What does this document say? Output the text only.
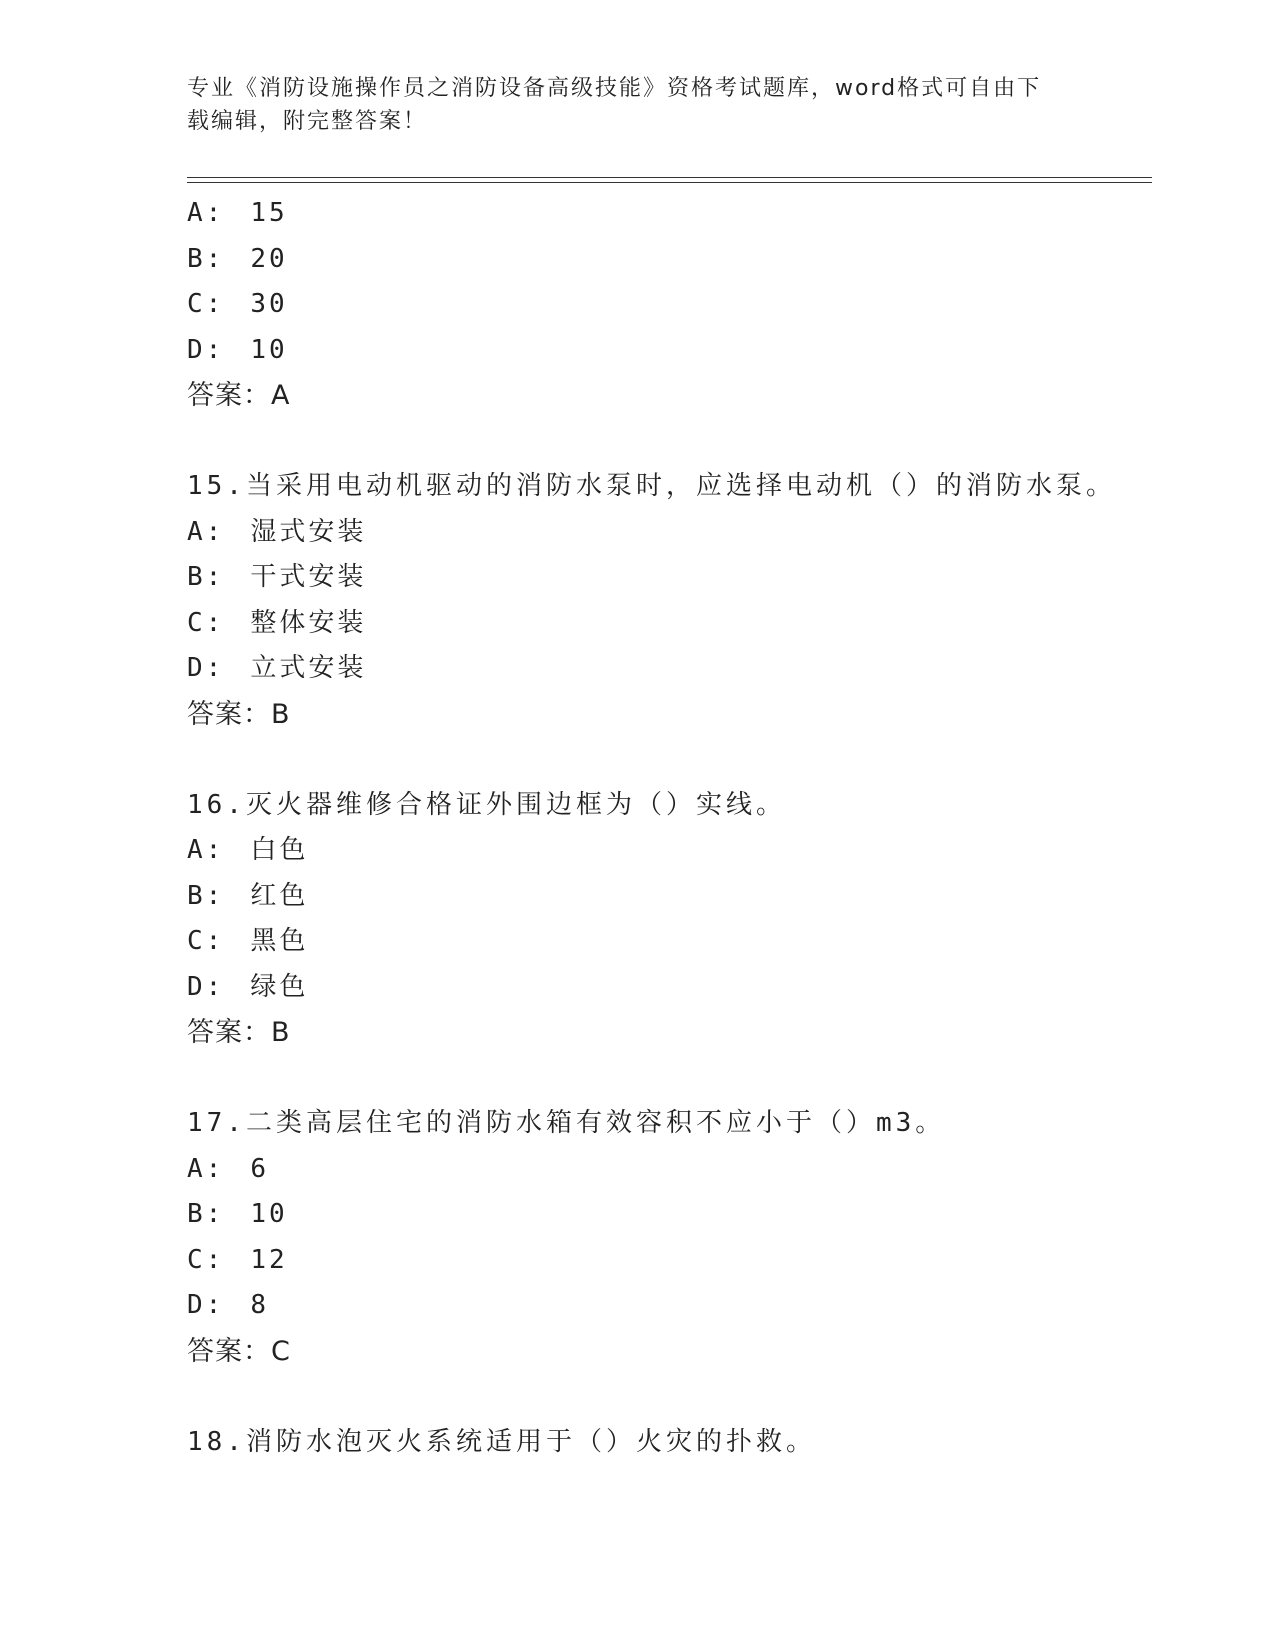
专业《消防设施操作员之消防设备高级技能》资格考试题库，word格式可自由下
载编辑，附完整答案！
A: 15
B: 20
C: 30
D: 10
答案：A
15.当采用电动机驱动的消防水泵时，应选择电动机（）的消防水泵。
A: 湿式安装
B: 干式安装
C: 整体安装
D: 立式安装
答案：B
16.灭火器维修合格证外围边框为（）实线。
A: 白色
B: 红色
C: 黑色
D: 绿色
答案：B
17.二类高层住宅的消防水箱有效容积不应小于（）m3。
A: 6
B: 10
C: 12
D: 8
答案：C
18.消防水泡灭火系统适用于（）火灾的扑救。
